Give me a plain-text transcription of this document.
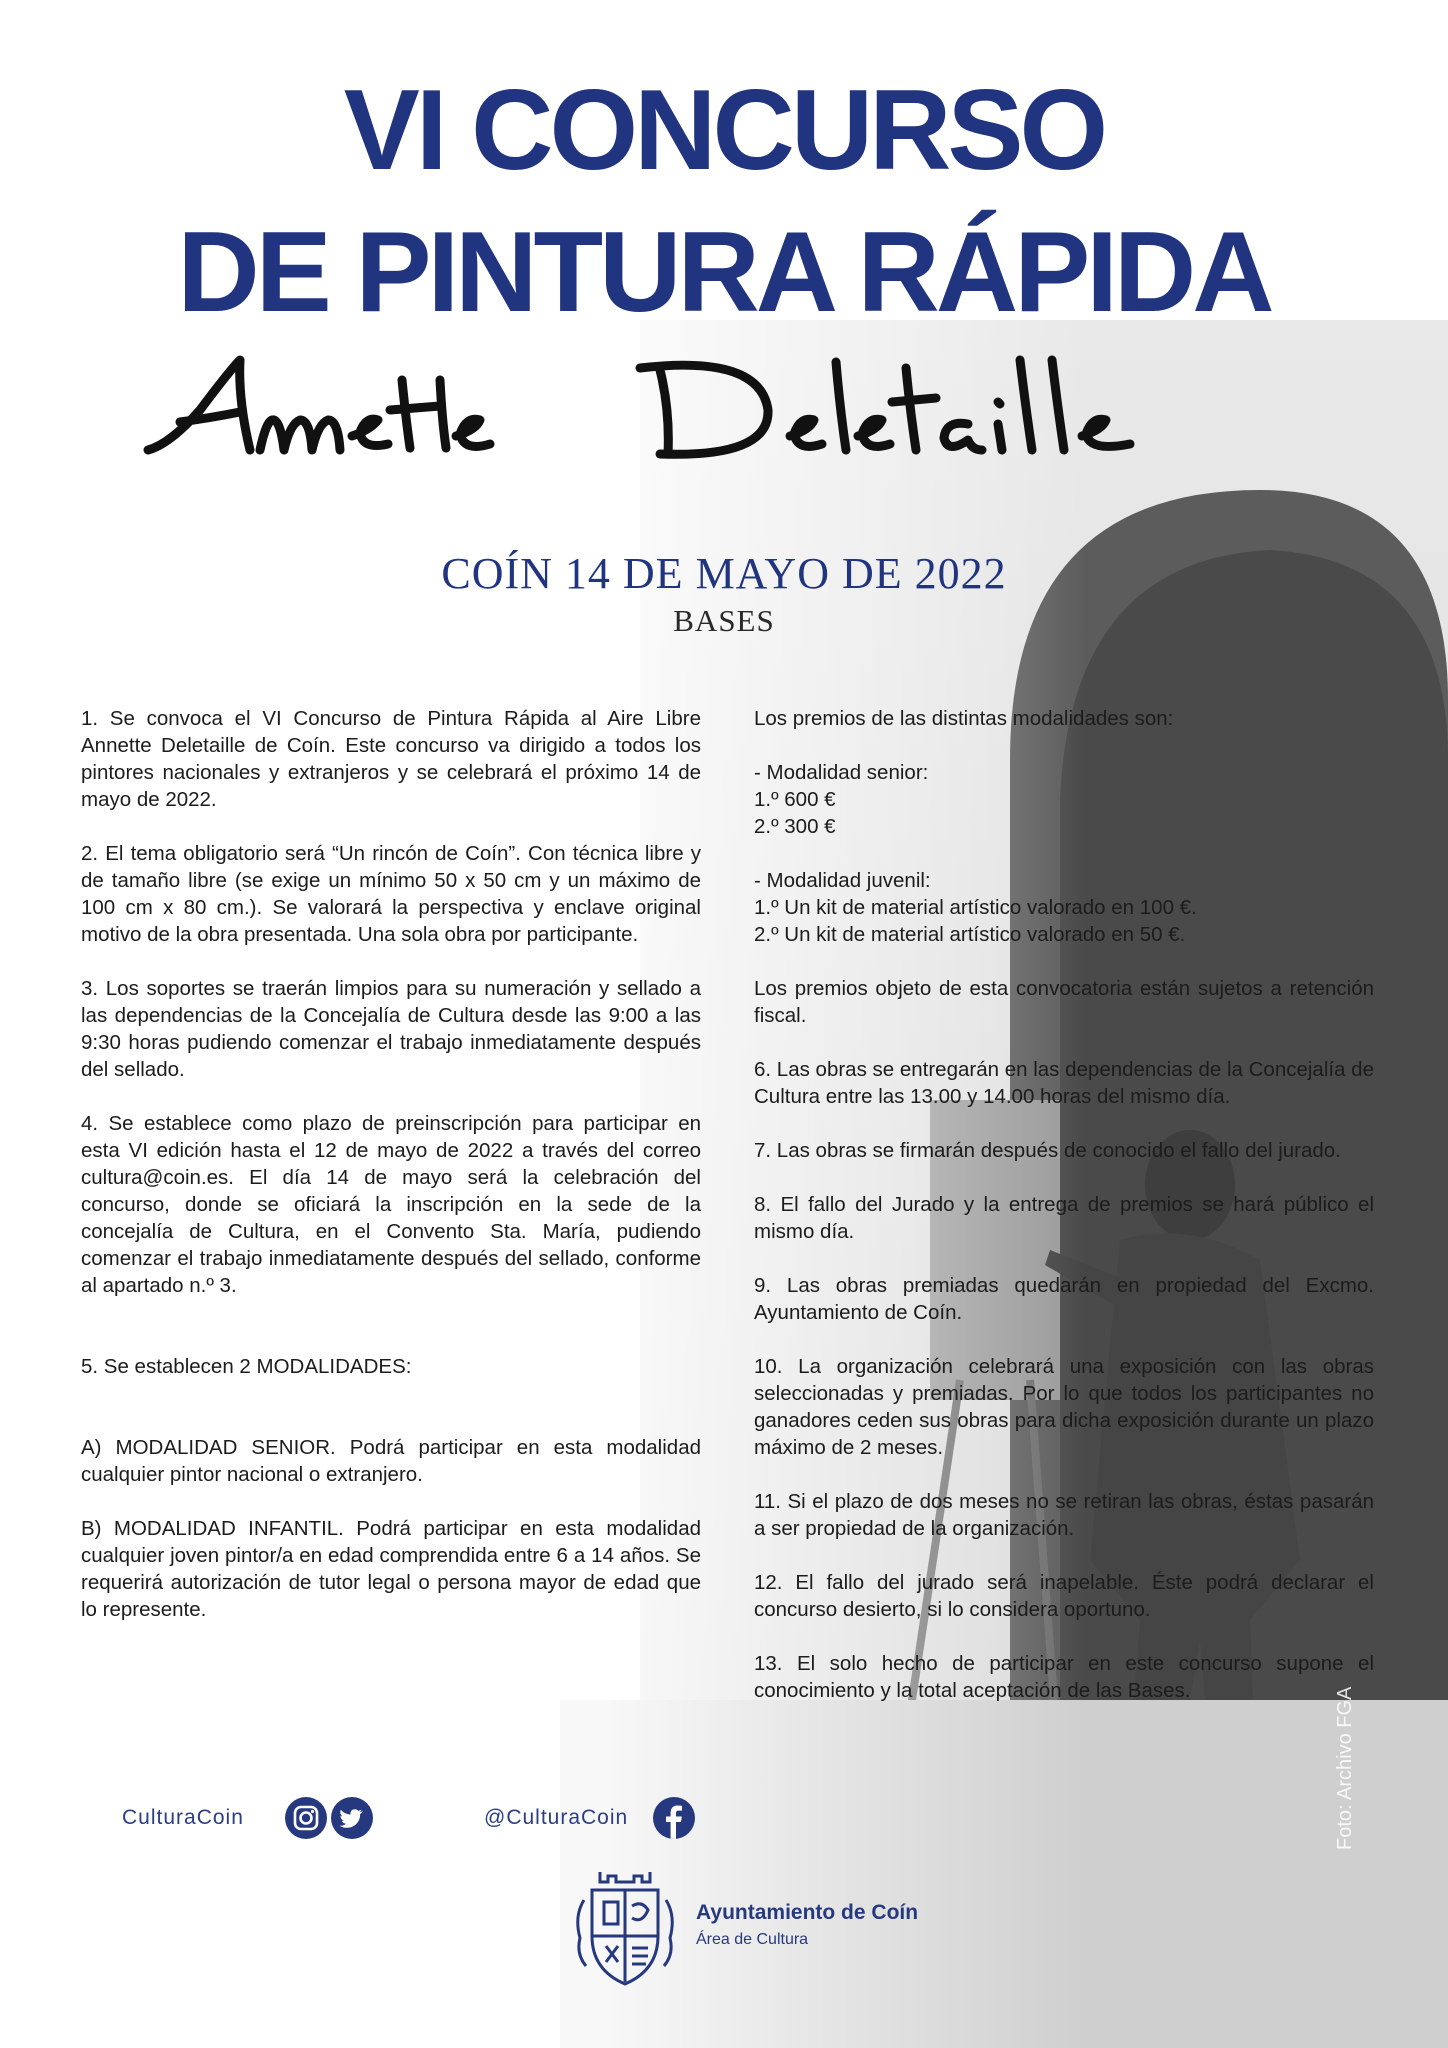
VI CONCURSO
DE PINTURA RÁPIDA
COÍN 14 DE MAYO DE 2022
BASES

1. Se convoca el VI Concurso de Pintura Rápida al Aire Libre Annette Deletaille de Coín. Este concurso va dirigido a todos los pintores nacionales y extranjeros y se celebrará el próximo 14 de mayo de 2022.

2. El tema obligatorio será “Un rincón de Coín”. Con técnica libre y de tamaño libre (se exige un mínimo 50 x 50 cm y un máximo de 100 cm x 80 cm.). Se valorará la perspectiva y enclave original motivo de la obra presentada. Una sola obra por participante.

3. Los soportes se traerán limpios para su numeración y sellado a las dependencias de la Concejalía de Cultura desde las 9:00 a las 9:30 horas pudiendo comenzar el trabajo inmediatamente después del sellado.

4. Se establece como plazo de preinscripción para participar en esta VI edición hasta el 12 de mayo de 2022 a través del correo cultura@coin.es. El día 14 de mayo será la celebración del concurso, donde se oficiará la inscripción en la sede de la concejalía de Cultura, en el Convento Sta. María, pudiendo comenzar el trabajo inmediatamente después del sellado, conforme al apartado n.º 3.

5. Se establecen 2 MODALIDADES:

A) MODALIDAD SENIOR. Podrá participar en esta modalidad cualquier pintor nacional o extranjero.

B) MODALIDAD INFANTIL. Podrá participar en esta modalidad cualquier joven pintor/a en edad comprendida entre 6 a 14 años. Se requerirá autorización de tutor legal o persona mayor de edad que lo represente.

Los premios de las distintas modalidades son:

- Modalidad senior:

1.º 600 €

2.º 300 €

- Modalidad juvenil:

1.º Un kit de material artístico valorado en 100 €.

2.º Un kit de material artístico valorado en 50 €.

Los premios objeto de esta convocatoria están sujetos a retención fiscal.

6. Las obras se entregarán en las dependencias de la Concejalía de Cultura entre las 13.00 y 14.00 horas del mismo día.

7. Las obras se firmarán después de conocido el fallo del jurado.

8. El fallo del Jurado y la entrega de premios se hará público el mismo día.

9. Las obras premiadas quedarán en propiedad del Excmo. Ayuntamiento de Coín.

10. La organización celebrará una exposición con las obras seleccionadas y premiadas. Por lo que todos los participantes no ganadores ceden sus obras para dicha exposición durante un plazo máximo de 2 meses.

11. Si el plazo de dos meses no se retiran las obras, éstas pasarán a ser propiedad de la organización.

12. El fallo del jurado será inapelable. Éste podrá declarar el concurso desierto, si lo considera oportuno.

13. El solo hecho de participar en este concurso supone el conocimiento y la total aceptación de las Bases.

CulturaCoin	@CulturaCoin
Ayuntamiento de Coín
Área de Cultura
Foto: Archivo FGA
